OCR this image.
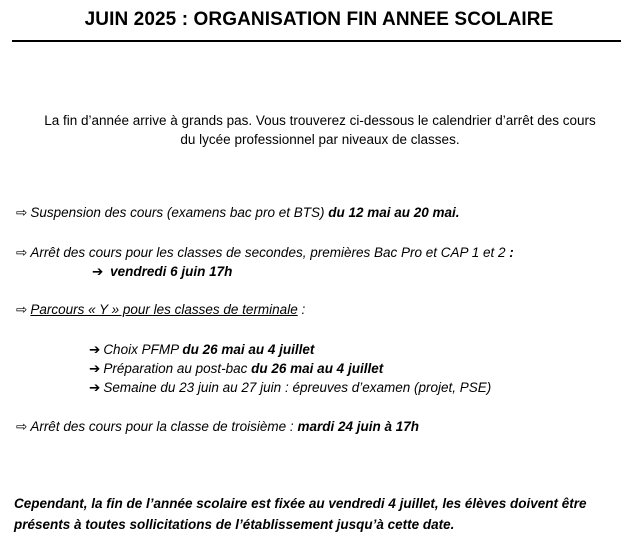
JUIN 2025 : ORGANISATION FIN ANNEE SCOLAIRE
La fin d’année arrive à grands pas. Vous trouverez ci-dessous le calendrier d’arrêt des cours
du lycée professionnel par niveaux de classes.
⇨ Suspension des cours (examens bac pro et BTS) du 12 mai au 20 mai.
⇨ Arrêt des cours pour les classes de secondes, premières Bac Pro et CAP 1 et 2 :
➔ vendredi 6 juin 17h
⇨ Parcours « Y » pour les classes de terminale :
➔ Choix PFMP du 26 mai au 4 juillet
➔ Préparation au post-bac du 26 mai au 4 juillet
➔ Semaine du 23 juin au 27 juin : épreuves d’examen (projet, PSE)
⇨ Arrêt des cours pour la classe de troisième : mardi 24 juin à 17h
Cependant, la fin de l’année scolaire est fixée au vendredi 4 juillet, les élèves doivent être
présents à toutes sollicitations de l’établissement jusqu’à cette date.
